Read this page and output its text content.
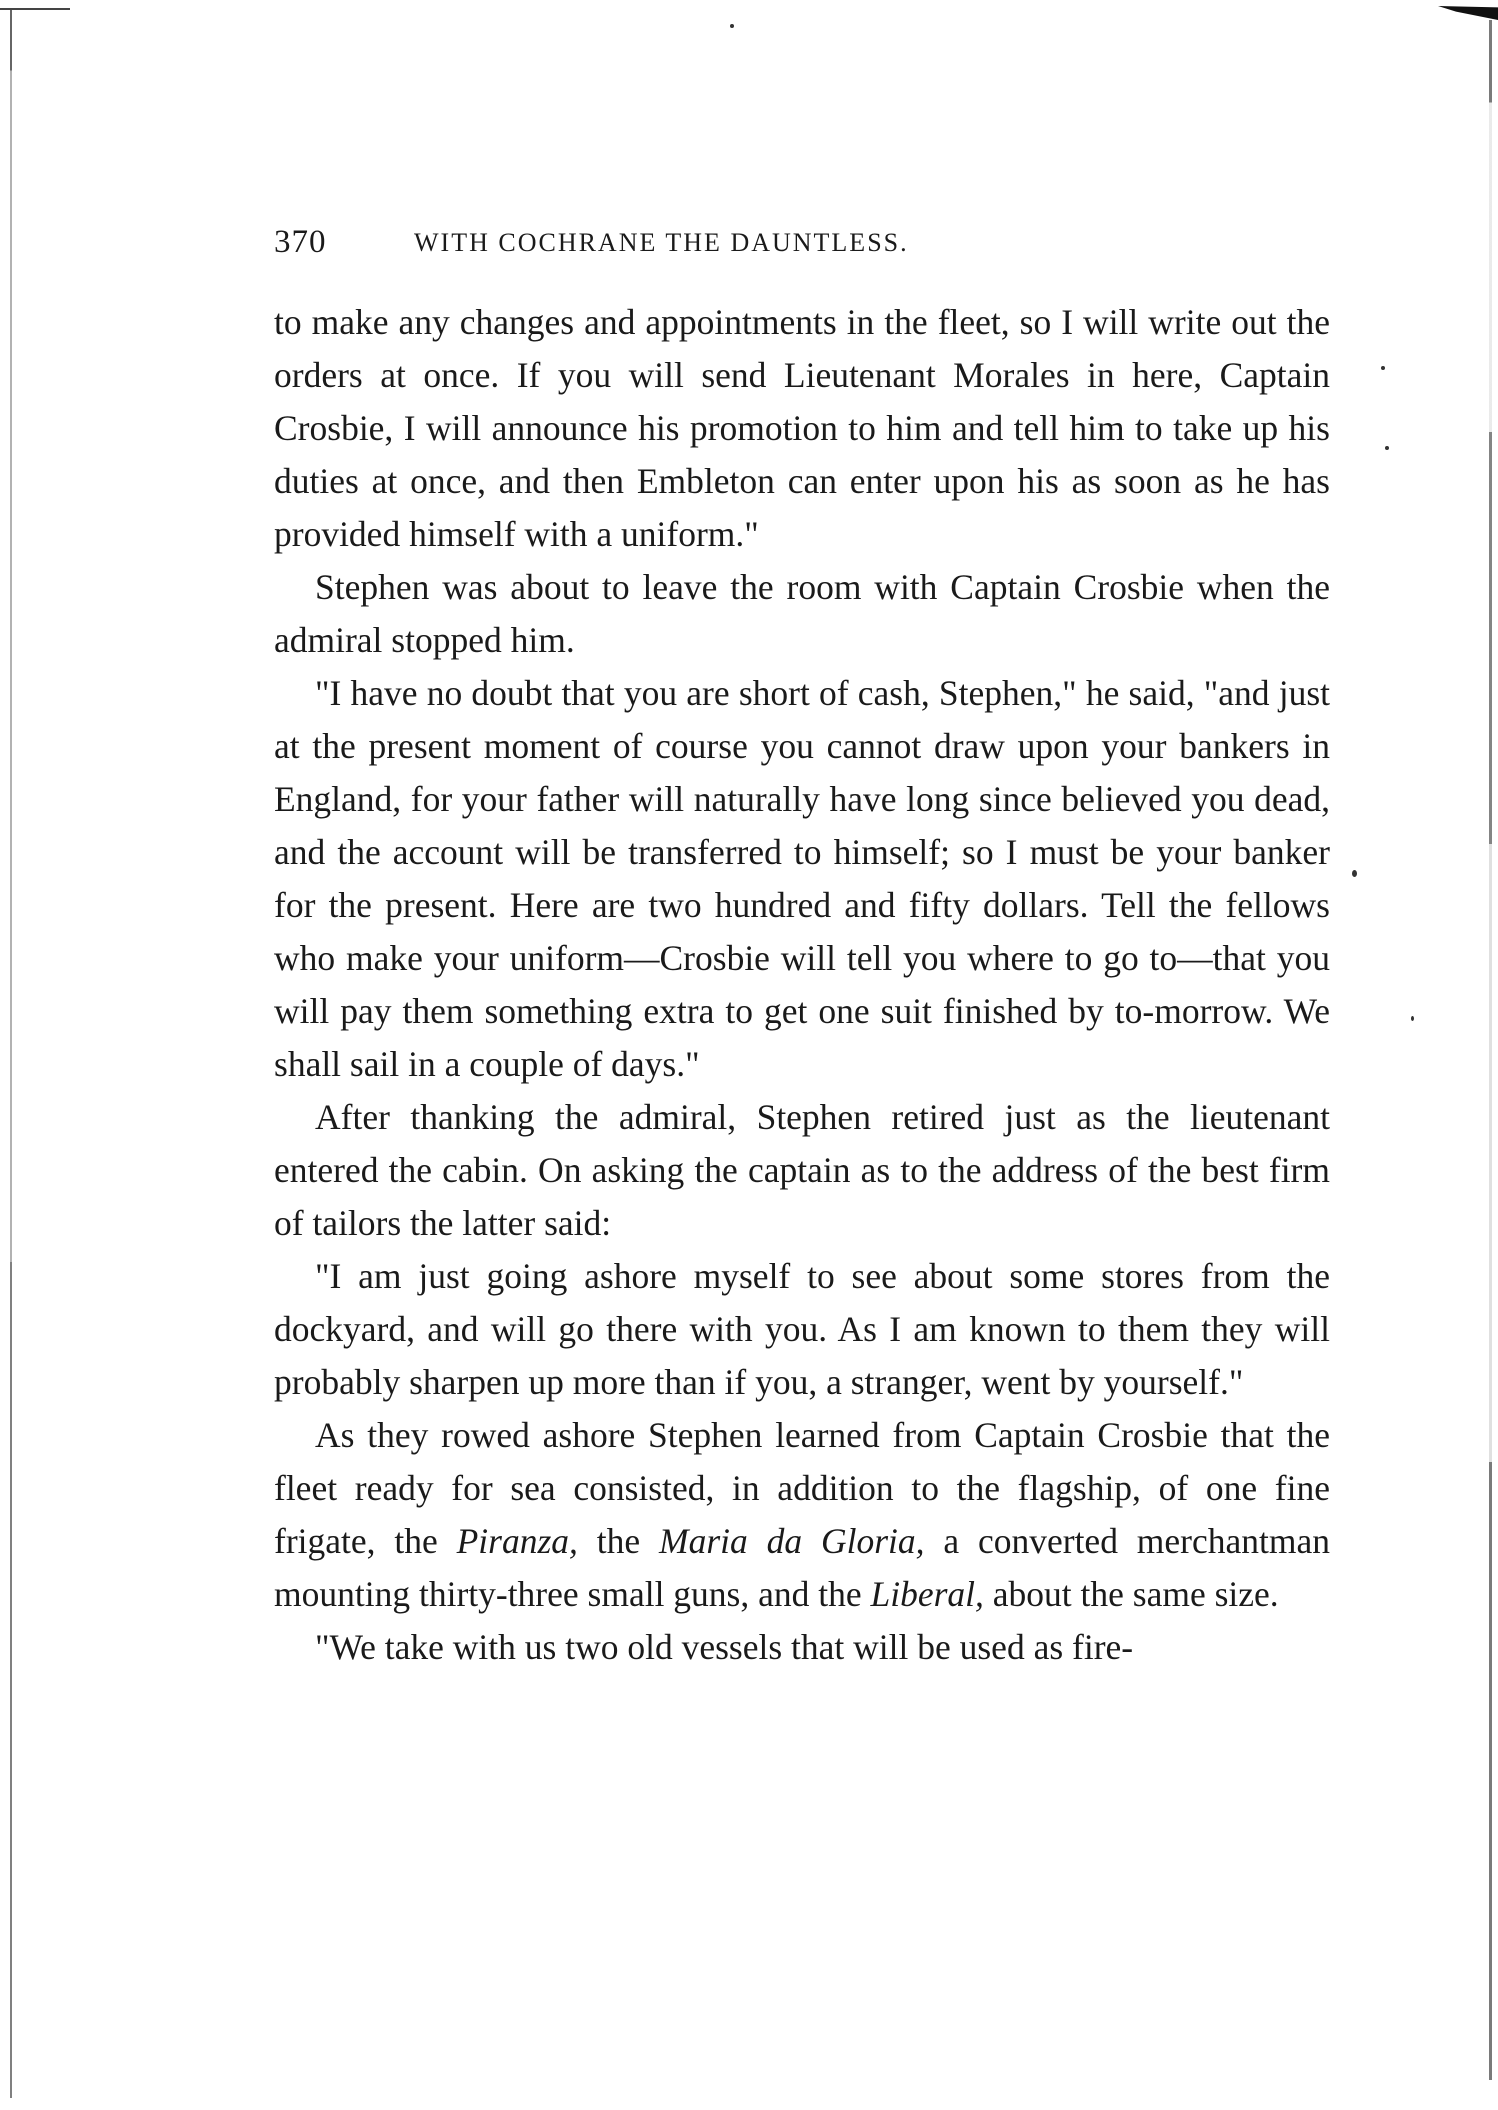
370	WITH COCHRANE THE DAUNTLESS.

to make any changes and appointments in the fleet, so I will write out the orders at once. If you will send Lieutenant Morales in here, Captain Crosbie, I will announce his promotion to him and tell him to take up his duties at once, and then Embleton can enter upon his as soon as he has provided himself with a uniform."

Stephen was about to leave the room with Captain Crosbie when the admiral stopped him.

"I have no doubt that you are short of cash, Stephen," he said, "and just at the present moment of course you cannot draw upon your bankers in England, for your father will naturally have long since believed you dead, and the account will be transferred to himself; so I must be your banker for the present. Here are two hundred and fifty dollars. Tell the fellows who make your uniform—Crosbie will tell you where to go to—that you will pay them something extra to get one suit finished by to-morrow. We shall sail in a couple of days."

After thanking the admiral, Stephen retired just as the lieutenant entered the cabin. On asking the captain as to the address of the best firm of tailors the latter said:

"I am just going ashore myself to see about some stores from the dockyard, and will go there with you. As I am known to them they will probably sharpen up more than if you, a stranger, went by yourself."

As they rowed ashore Stephen learned from Captain Crosbie that the fleet ready for sea consisted, in addition to the flagship, of one fine frigate, the Piranza, the Maria da Gloria, a converted merchantman mounting thirty-three small guns, and the Liberal, about the same size.

"We take with us two old vessels that will be used as fire-
